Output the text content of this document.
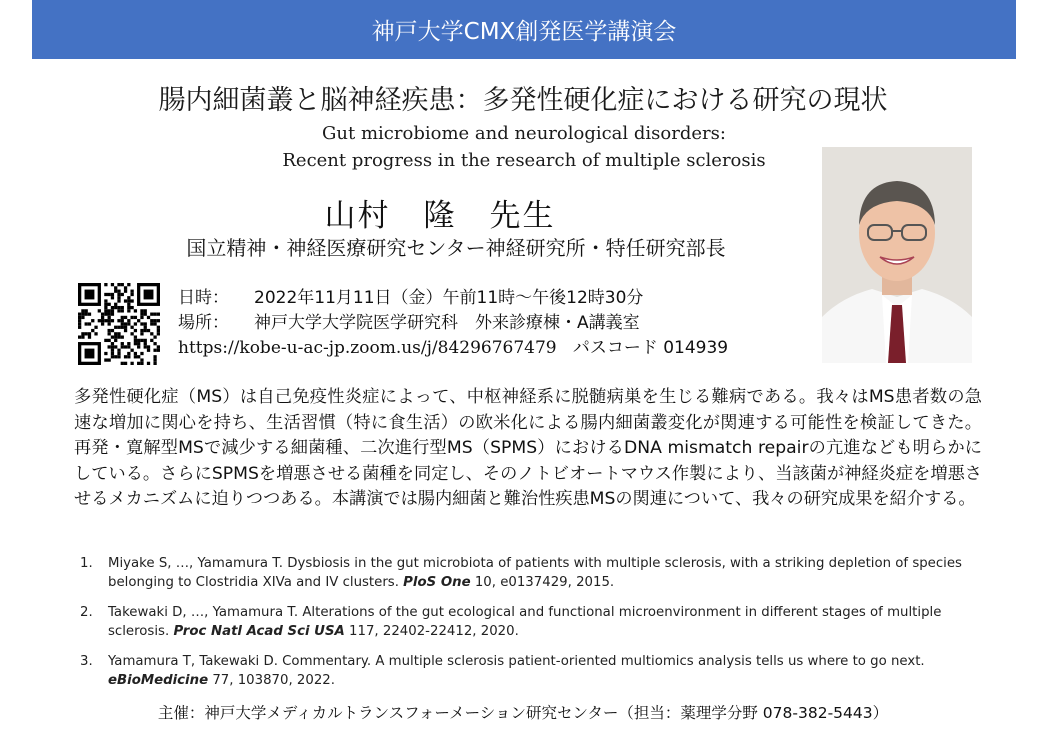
神戸大学CMX創発医学講演会
腸内細菌叢と脳神経疾患：多発性硬化症における研究の現状
Gut microbiome and neurological disorders:
Recent progress in the research of multiple sclerosis
山村　隆　先生
国立精神・神経医療研究センター神経研究所・特任研究部長
日時： 2022年11月11日（金）午前11時～午後12時30分
場所： 神戸大学大学院医学研究科　外来診療棟・A講義室
https://kobe-u-ac-jp.zoom.us/j/84296767479 パスコード 014939
多発性硬化症（MS）は自己免疫性炎症によって、中枢神経系に脱髄病巣を生じる難病である。我々はMS患者数の急速な増加に関心を持ち、生活習慣（特に食生活）の欧米化による腸内細菌叢変化が関連する可能性を検証してきた。再発・寛解型MSで減少する細菌種、二次進行型MS（SPMS）におけるDNA mismatch repairの亢進なども明らかにしている。さらにSPMSを増悪させる菌種を同定し、そのノトビオートマウス作製により、当該菌が神経炎症を増悪させるメカニズムに迫りつつある。本講演では腸内細菌と難治性疾患MSの関連について、我々の研究成果を紹介する。
1.	Miyake S, …, Yamamura T. Dysbiosis in the gut microbiota of patients with multiple sclerosis, with a striking depletion of species belonging to Clostridia XIVa and IV clusters. PloS One 10, e0137429, 2015.
2.	Takewaki D, …, Yamamura T. Alterations of the gut ecological and functional microenvironment in different stages of multiple sclerosis. Proc Natl Acad Sci USA 117, 22402-22412, 2020.
3.	Yamamura T, Takewaki D. Commentary. A multiple sclerosis patient-oriented multiomics analysis tells us where to go next. eBioMedicine 77, 103870, 2022.
主催：神戸大学メディカルトランスフォーメーション研究センター（担当：薬理学分野 078-382-5443）
